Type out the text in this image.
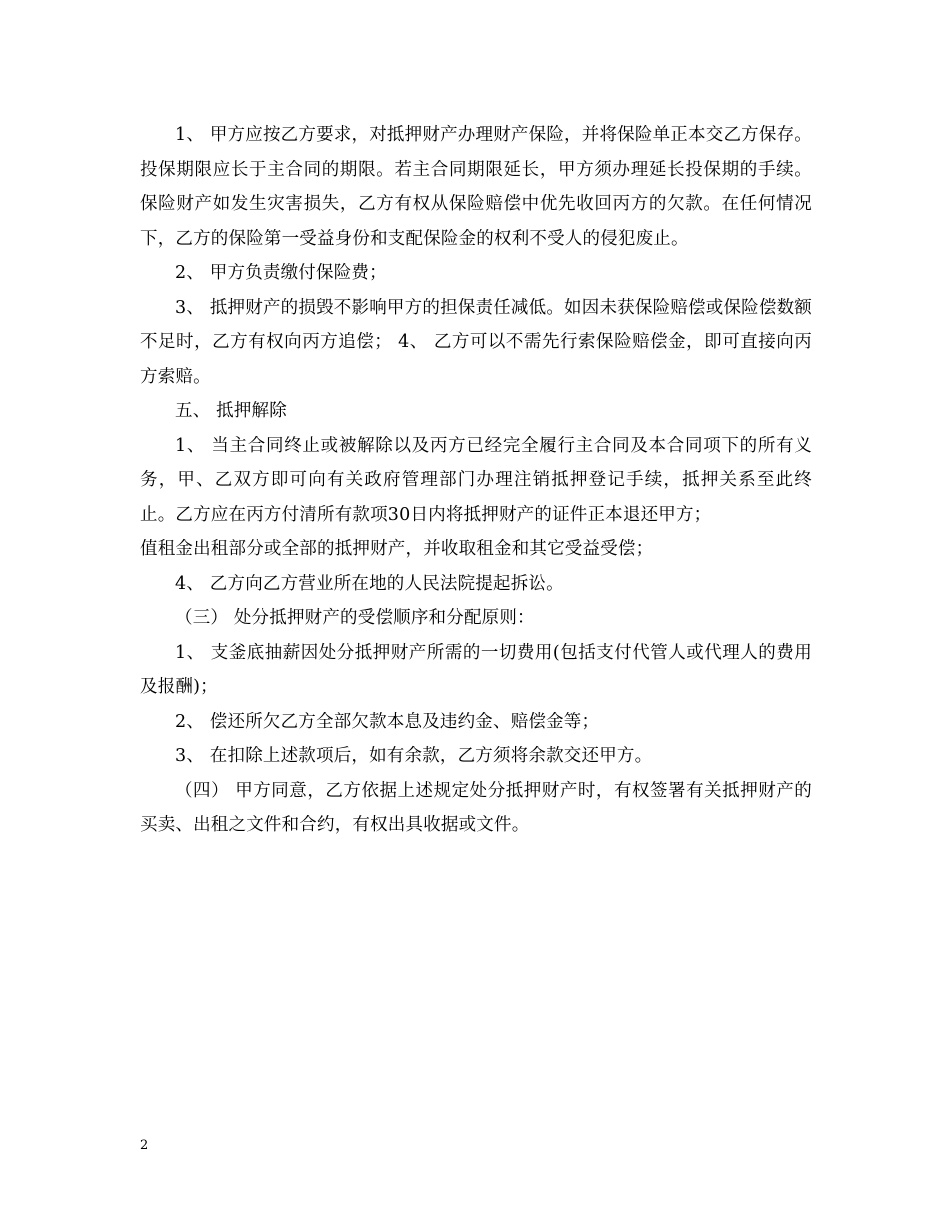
1、 甲方应按乙方要求，对抵押财产办理财产保险，并将保险单正本交乙方保存。投保期限应长于主合同的期限。若主合同期限延长，甲方须办理延长投保期的手续。保险财产如发生灾害损失，乙方有权从保险赔偿中优先收回丙方的欠款。在任何情况下，乙方的保险第一受益身份和支配保险金的权利不受人的侵犯废止。

2、 甲方负责缴付保险费；

3、 抵押财产的损毁不影响甲方的担保责任减低。如因未获保险赔偿或保险偿数额不足时，乙方有权向丙方追偿； 4、 乙方可以不需先行索保险赔偿金，即可直接向丙方索赔。

五、 抵押解除

1、 当主合同终止或被解除以及丙方已经完全履行主合同及本合同项下的所有义务，甲、乙双方即可向有关政府管理部门办理注销抵押登记手续，抵押关系至此终止。乙方应在丙方付清所有款项30日内将抵押财产的证件正本退还甲方；

值租金出租部分或全部的抵押财产，并收取租金和其它受益受偿；

4、 乙方向乙方营业所在地的人民法院提起拆讼。

（三） 处分抵押财产的受偿顺序和分配原则：

1、 支釜底抽薪因处分抵押财产所需的一切费用(包括支付代管人或代理人的费用及报酬)；

2、 偿还所欠乙方全部欠款本息及违约金、赔偿金等；

3、 在扣除上述款项后，如有余款，乙方须将余款交还甲方。

（四） 甲方同意，乙方依据上述规定处分抵押财产时，有权签署有关抵押财产的买卖、出租之文件和合约，有权出具收据或文件。

2
